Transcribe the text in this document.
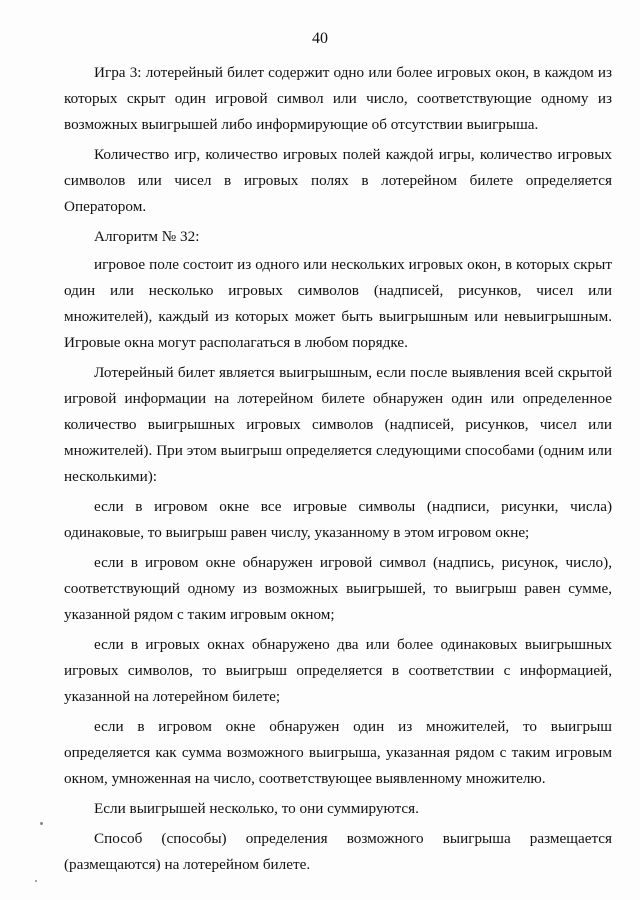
40

Игра 3: лотерейный билет содержит одно или более игровых окон, в каждом из которых скрыт один игровой символ или число, соответствующие одному из возможных выигрышей либо информирующие об отсутствии выигрыша.

Количество игр, количество игровых полей каждой игры, количество игровых символов или чисел в игровых полях в лотерейном билете определяется Оператором.

Алгоритм № 32:

игровое поле состоит из одного или нескольких игровых окон, в которых скрыт один или несколько игровых символов (надписей, рисунков, чисел или множителей), каждый из которых может быть выигрышным или невыигрышным. Игровые окна могут располагаться в любом порядке.

Лотерейный билет является выигрышным, если после выявления всей скрытой игровой информации на лотерейном билете обнаружен один или определенное количество выигрышных игровых символов (надписей, рисунков, чисел или множителей). При этом выигрыш определяется следующими способами (одним или несколькими):

если в игровом окне все игровые символы (надписи, рисунки, числа) одинаковые, то выигрыш равен числу, указанному в этом игровом окне;

если в игровом окне обнаружен игровой символ (надпись, рисунок, число), соответствующий одному из возможных выигрышей, то выигрыш равен сумме, указанной рядом с таким игровым окном;

если в игровых окнах обнаружено два или более одинаковых выигрышных игровых символов, то выигрыш определяется в соответствии с информацией, указанной на лотерейном билете;

если в игровом окне обнаружен один из множителей, то выигрыш определяется как сумма возможного выигрыша, указанная рядом с таким игровым окном, умноженная на число, соответствующее выявленному множителю.

Если выигрышей несколько, то они суммируются.

Способ (способы) определения возможного выигрыша размещается (размещаются) на лотерейном билете.
